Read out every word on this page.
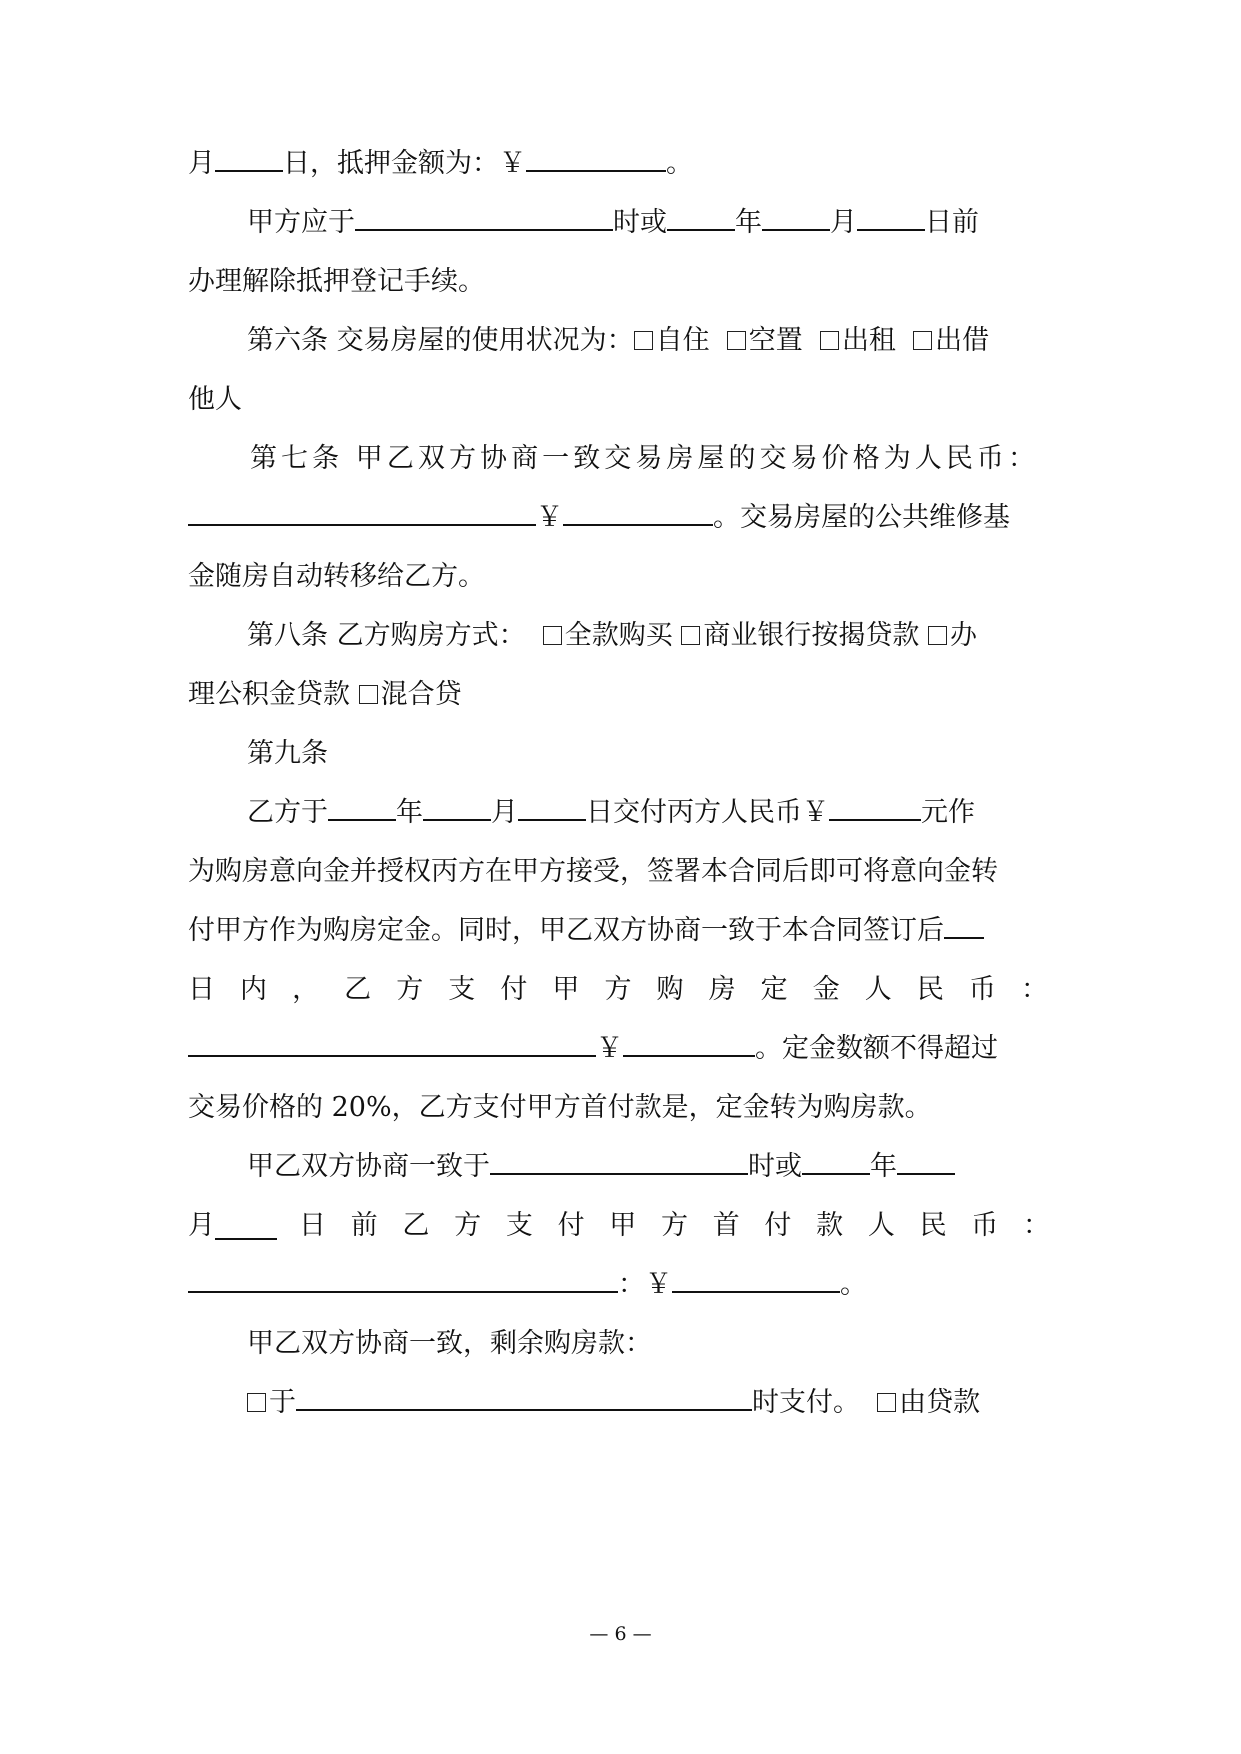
月	日，抵押金额为：￥	。
甲方应于	时或	年	月	日前
办理解除抵押登记手续。
第六条 交易房屋的使用状况为： 自住 空置 出租 出借
他人
第七条 甲乙双方协商一致交易房屋的交易价格为人民币：
￥	。交易房屋的公共维修基
金随房自动转移给乙方。
第八条 乙方购房方式： 全款购买 商业银行按揭贷款 办
理公积金贷款 混合贷
第九条
乙方于	年	月	日交付丙方人民币￥	元作
为购房意向金并授权丙方在甲方接受，签署本合同后即可将意向金转
付甲方作为购房定金。同时，甲乙双方协商一致于本合同签订后
日内，乙方支付甲方购房定金人民币：
￥	。定金数额不得超过
交易价格的 20%，乙方支付甲方首付款是，定金转为购房款。
甲乙双方协商一致于	时或	年
月	日前乙方支付甲方首付款人民币：
：￥	。
甲乙双方协商一致，剩余购房款：
于	时支付。 由贷款
— 6 —
